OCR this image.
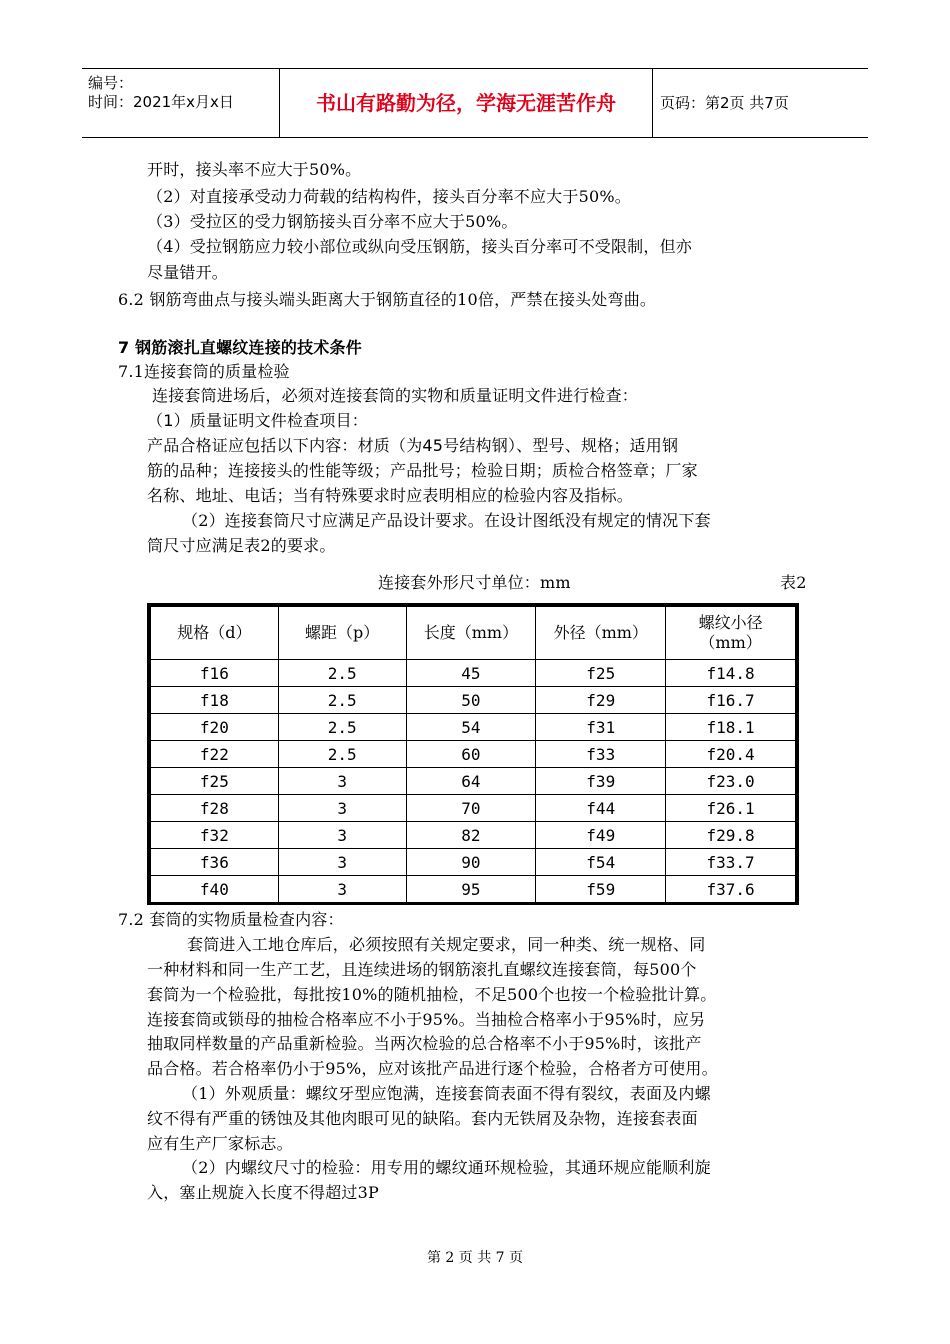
编号：
时间：2021年x月x日	书山有路勤为径，学海无涯苦作舟	页码：第2页 共7页
开时，接头率不应大于50%。
（2）对直接承受动力荷载的结构构件，接头百分率不应大于50%。
（3）受拉区的受力钢筋接头百分率不应大于50%。
（4）受拉钢筋应力较小部位或纵向受压钢筋，接头百分率可不受限制，但亦
尽量错开。
6.2 钢筋弯曲点与接头端头距离大于钢筋直径的10倍，严禁在接头处弯曲。
7 钢筋滚扎直螺纹连接的技术条件
7.1连接套筒的质量检验
连接套筒进场后，必须对连接套筒的实物和质量证明文件进行检查：
（1）质量证明文件检查项目：
产品合格证应包括以下内容：材质（为45号结构钢）、型号、规格；适用钢
筋的品种；连接接头的性能等级；产品批号；检验日期；质检合格签章；厂家
名称、地址、电话；当有特殊要求时应表明相应的检验内容及指标。
（2）连接套筒尺寸应满足产品设计要求。在设计图纸没有规定的情况下套
筒尺寸应满足表2的要求。
连接套外形尺寸单位：mm	表2
规格（d）	螺距（p）	长度（mm）	外径（mm）	螺纹小径
（mm）
f16	2.5	45	f25	f14.8
f18	2.5	50	f29	f16.7
f20	2.5	54	f31	f18.1
f22	2.5	60	f33	f20.4
f25	3	64	f39	f23.0
f28	3	70	f44	f26.1
f32	3	82	f49	f29.8
f36	3	90	f54	f33.7
f40	3	95	f59	f37.6
7.2 套筒的实物质量检查内容：
套筒进入工地仓库后，必须按照有关规定要求，同一种类、统一规格、同
一种材料和同一生产工艺，且连续进场的钢筋滚扎直螺纹连接套筒，每500个
套筒为一个检验批，每批按10%的随机抽检，不足500个也按一个检验批计算。
连接套筒或锁母的抽检合格率应不小于95%。当抽检合格率小于95%时，应另
抽取同样数量的产品重新检验。当两次检验的总合格率不小于95%时，该批产
品合格。若合格率仍小于95%，应对该批产品进行逐个检验，合格者方可使用。
（1）外观质量：螺纹牙型应饱满，连接套筒表面不得有裂纹，表面及内螺
纹不得有严重的锈蚀及其他肉眼可见的缺陷。套内无铁屑及杂物，连接套表面
应有生产厂家标志。
（2）内螺纹尺寸的检验：用专用的螺纹通环规检验，其通环规应能顺利旋
入，塞止规旋入长度不得超过3P
第 2 页 共 7 页
